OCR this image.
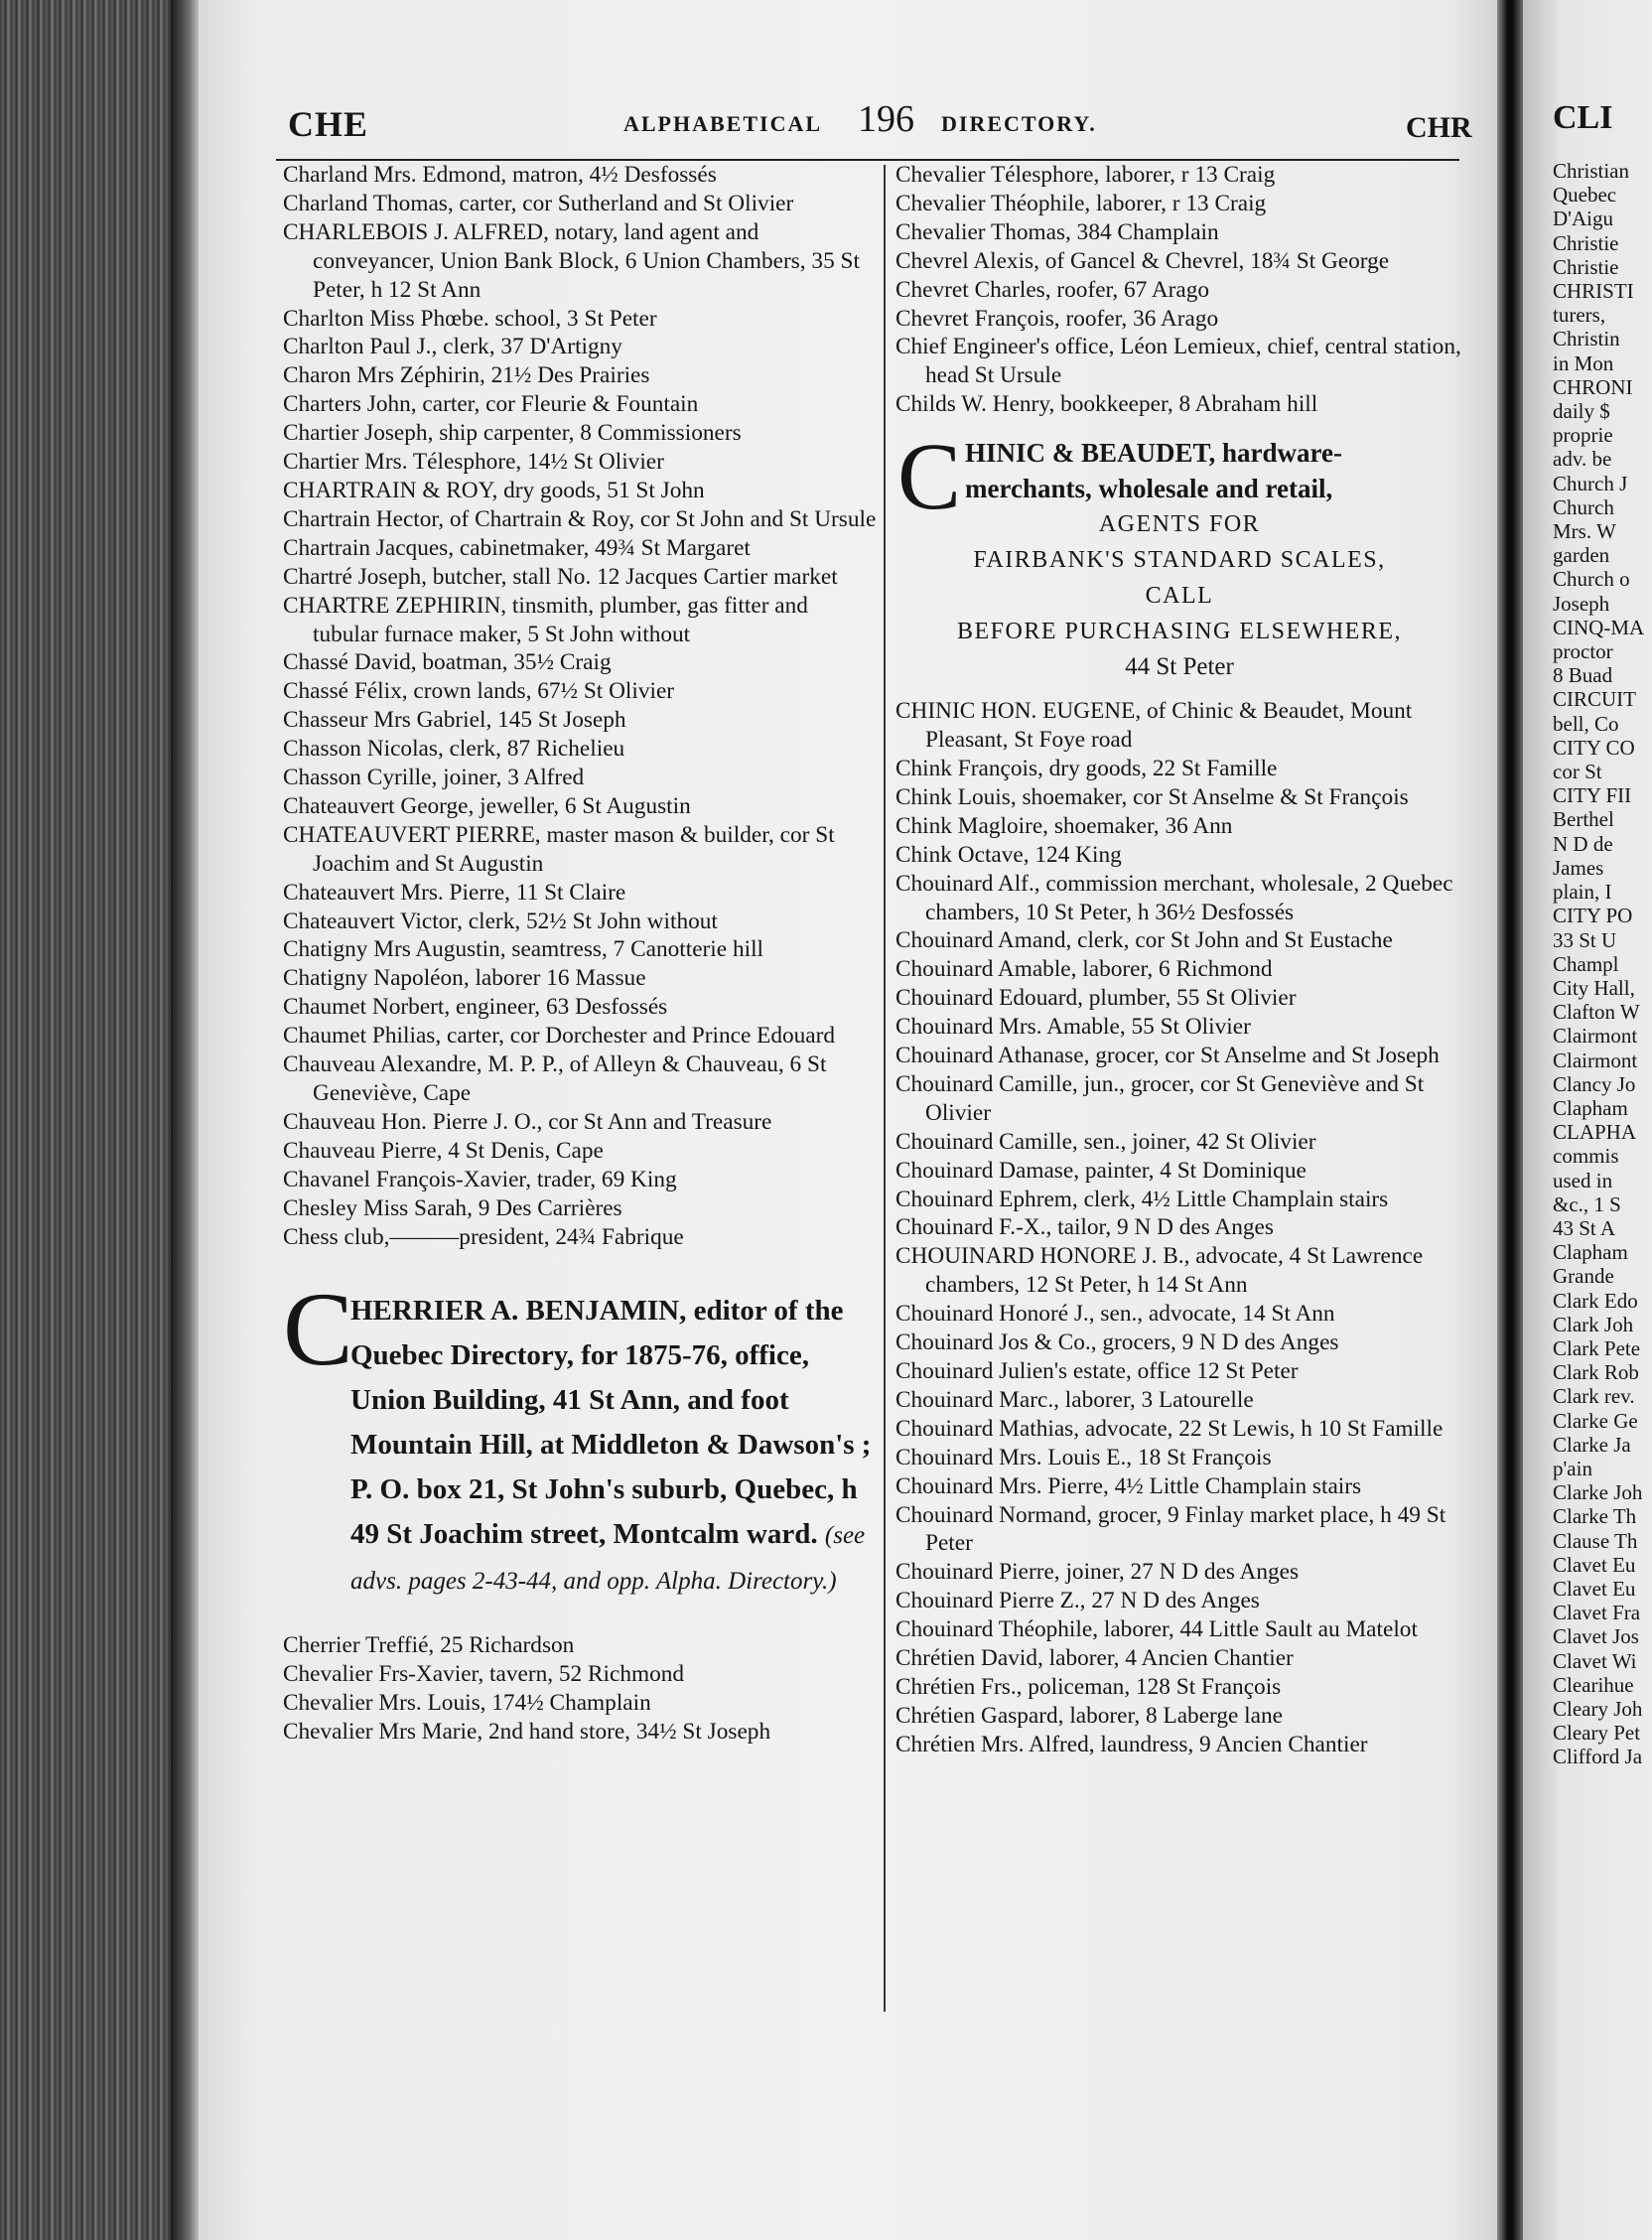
CHE	ALPHABETICAL 196 DIRECTORY.	CHR
Charland Mrs. Edmond, matron, 4½ Desfossés
Charland Thomas, carter, cor Sutherland and St Olivier
CHARLEBOIS J. ALFRED, notary, land agent and conveyancer, Union Bank Block, 6 Union Chambers, 35 St Peter, h 12 St Ann
Charlton Miss Phœbe. school, 3 St Peter
Charlton Paul J., clerk, 37 D'Artigny
Charon Mrs Zéphirin, 21½ Des Prairies
Charters John, carter, cor Fleurie & Fountain
Chartier Joseph, ship carpenter, 8 Commissioners
Chartier Mrs. Télesphore, 14½ St Olivier
CHARTRAIN & ROY, dry goods, 51 St John
Chartrain Hector, of Chartrain & Roy, cor St John and St Ursule
Chartrain Jacques, cabinetmaker, 49¾ St Margaret
Chartré Joseph, butcher, stall No. 12 Jacques Cartier market
CHARTRE ZEPHIRIN, tinsmith, plumber, gas fitter and tubular furnace maker, 5 St John without
Chassé David, boatman, 35½ Craig
Chassé Félix, crown lands, 67½ St Olivier
Chasseur Mrs Gabriel, 145 St Joseph
Chasson Nicolas, clerk, 87 Richelieu
Chasson Cyrille, joiner, 3 Alfred
Chateauvert George, jeweller, 6 St Augustin
CHATEAUVERT PIERRE, master mason & builder, cor St Joachim and St Augustin
Chateauvert Mrs. Pierre, 11 St Claire
Chateauvert Victor, clerk, 52½ St John without
Chatigny Mrs Augustin, seamtress, 7 Canotterie hill
Chatigny Napoléon, laborer 16 Massue
Chaumet Norbert, engineer, 63 Desfossés
Chaumet Philias, carter, cor Dorchester and Prince Edouard
Chauveau Alexandre, M. P. P., of Alleyn & Chauveau, 6 St Geneviève, Cape
Chauveau Hon. Pierre J. O., cor St Ann and Treasure
Chauveau Pierre, 4 St Denis, Cape
Chavanel François-Xavier, trader, 69 King
Chesley Miss Sarah, 9 Des Carrières
Chess club,———president, 24¾ Fabrique
C
HERRIER A. BENJAMIN, editor of the Quebec Directory, for 1875-76, office, Union Building, 41 St Ann, and foot Mountain Hill, at Middleton & Dawson's ; P. O. box 21, St John's suburb, Quebec, h 49 St Joachim street, Montcalm ward. (see advs. pages 2-43-44, and opp. Alpha. Directory.)
Cherrier Treffié, 25 Richardson
Chevalier Frs-Xavier, tavern, 52 Richmond
Chevalier Mrs. Louis, 174½ Champlain
Chevalier Mrs Marie, 2nd hand store, 34½ St Joseph
Chevalier Télesphore, laborer, r 13 Craig
Chevalier Théophile, laborer, r 13 Craig
Chevalier Thomas, 384 Champlain
Chevrel Alexis, of Gancel & Chevrel, 18¾ St George
Chevret Charles, roofer, 67 Arago
Chevret François, roofer, 36 Arago
Chief Engineer's office, Léon Lemieux, chief, central station, head St Ursule
Childs W. Henry, bookkeeper, 8 Abraham hill
C HINIC & BEAUDET, hardware-
merchants, wholesale and retail,
AGENTS FOR
FAIRBANK'S STANDARD SCALES,
CALL
BEFORE PURCHASING ELSEWHERE,
44 St Peter
CHINIC HON. EUGENE, of Chinic & Beaudet, Mount Pleasant, St Foye road
Chink François, dry goods, 22 St Famille
Chink Louis, shoemaker, cor St Anselme & St François
Chink Magloire, shoemaker, 36 Ann
Chink Octave, 124 King
Chouinard Alf., commission merchant, wholesale, 2 Quebec chambers, 10 St Peter, h 36½ Desfossés
Chouinard Amand, clerk, cor St John and St Eustache
Chouinard Amable, laborer, 6 Richmond
Chouinard Edouard, plumber, 55 St Olivier
Chouinard Mrs. Amable, 55 St Olivier
Chouinard Athanase, grocer, cor St Anselme and St Joseph
Chouinard Camille, jun., grocer, cor St Geneviève and St Olivier
Chouinard Camille, sen., joiner, 42 St Olivier
Chouinard Damase, painter, 4 St Dominique
Chouinard Ephrem, clerk, 4½ Little Champlain stairs
Chouinard F.-X., tailor, 9 N D des Anges
CHOUINARD HONORE J. B., advocate, 4 St Lawrence chambers, 12 St Peter, h 14 St Ann
Chouinard Honoré J., sen., advocate, 14 St Ann
Chouinard Jos & Co., grocers, 9 N D des Anges
Chouinard Julien's estate, office 12 St Peter
Chouinard Marc., laborer, 3 Latourelle
Chouinard Mathias, advocate, 22 St Lewis, h 10 St Famille
Chouinard Mrs. Louis E., 18 St François
Chouinard Mrs. Pierre, 4½ Little Champlain stairs
Chouinard Normand, grocer, 9 Finlay market place, h 49 St Peter
Chouinard Pierre, joiner, 27 N D des Anges
Chouinard Pierre Z., 27 N D des Anges
Chouinard Théophile, laborer, 44 Little Sault au Matelot
Chrétien David, laborer, 4 Ancien Chantier
Chrétien Frs., policeman, 128 St François
Chrétien Gaspard, laborer, 8 Laberge lane
Chrétien Mrs. Alfred, laundress, 9 Ancien Chantier
CLI
Christian
Quebec
D'Aigu
Christie
Christie
CHRISTI
turers,
Christin
in Mon
CHRONI
daily $
proprie
adv. be
Church J
Church
Mrs. W
garden
Church o
Joseph
CINQ-MA
proctor
8 Buad
CIRCUIT
bell, Co
CITY CO
cor St
CITY FII
Berthel
N D de
James
plain, I
CITY PO
33 St U
Champl
City Hall,
Clafton W
Clairmont
Clairmont
Clancy Jo
Clapham
CLAPHA
commis
used in
&c., 1 S
43 St A
Clapham
Grande
Clark Edo
Clark Joh
Clark Pete
Clark Rob
Clark rev.
Clarke Ge
Clarke Ja
p'ain
Clarke Joh
Clarke Th
Clause Th
Clavet Eu
Clavet Eu
Clavet Fra
Clavet Jos
Clavet Wi
Clearihue
Cleary Joh
Cleary Pet
Clifford Ja
